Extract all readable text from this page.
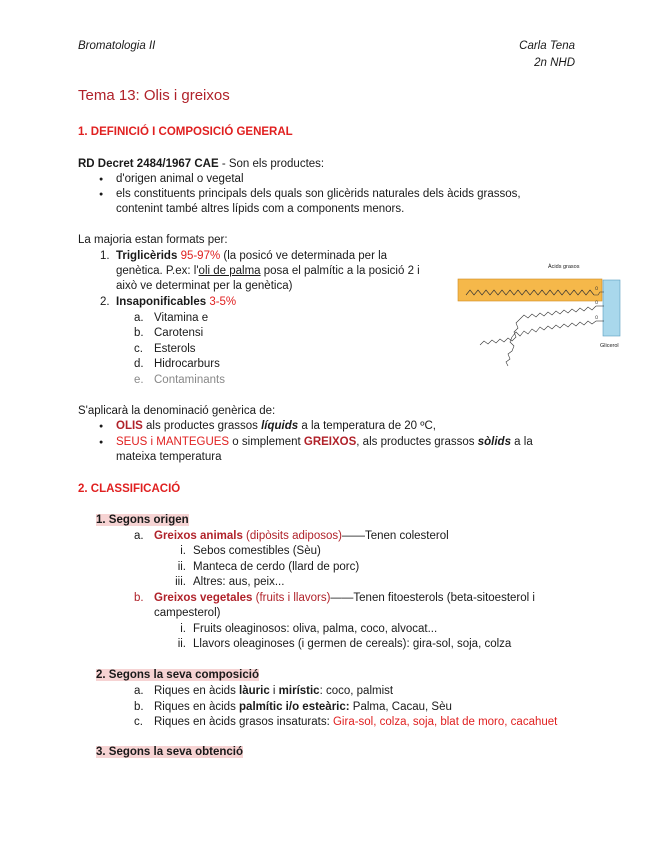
Bromatologia II	Carla Tena
2n NHD
Tema 13: Olis i greixos
1. DEFINICIÓ I COMPOSICIÓ GENERAL
RD Decret 2484/1967 CAE - Son els productes:
● d'origen animal o vegetal
● els constituents principals dels quals son glicèrids naturales dels àcids grassos,
contenint també altres lípids com a components menors.
La majoria estan formats per:
1. Triglicèrids 95-97% (la posicó ve determinada per la
genètica. P.ex: l'oli de palma posa el palmític a la posició 2 i
això ve determinat per la genètica)
2. Insaponificables 3-5%
a. Vitamina e
b. Carotensi
c. Esterols
d. Hidrocarburs
e. Contaminants
Àcids grasos
Glicerol
O
O
O
S'aplicarà la denominació genèrica de:
● OLIS als productes grassos líquids a la temperatura de 20 ºC,
● SEUS i MANTEGUES o simplement GREIXOS, als productes grassos sòlids a la
mateixa temperatura
2. CLASSIFICACIÓ
1. Segons origen
a. Greixos animals (dipòsits adiposos)——Tenen colesterol
i. Sebos comestibles (Sèu)
ii. Manteca de cerdo (llard de porc)
iii. Altres: aus, peix...
b. Greixos vegetales (fruits i llavors)——Tenen fitoesterols (beta-sitoesterol i
campesterol)
i. Fruits oleaginosos: oliva, palma, coco, alvocat...
ii. Llavors oleaginoses (i germen de cereals): gira-sol, soja, colza
2. Segons la seva composició
a. Riques en àcids làuric i mirístic: coco, palmist
b. Riques en àcids palmític i/o esteàric: Palma, Cacau, Sèu
c. Riques en àcids grasos insaturats: Gira-sol, colza, soja, blat de moro, cacahuet
3. Segons la seva obtenció
